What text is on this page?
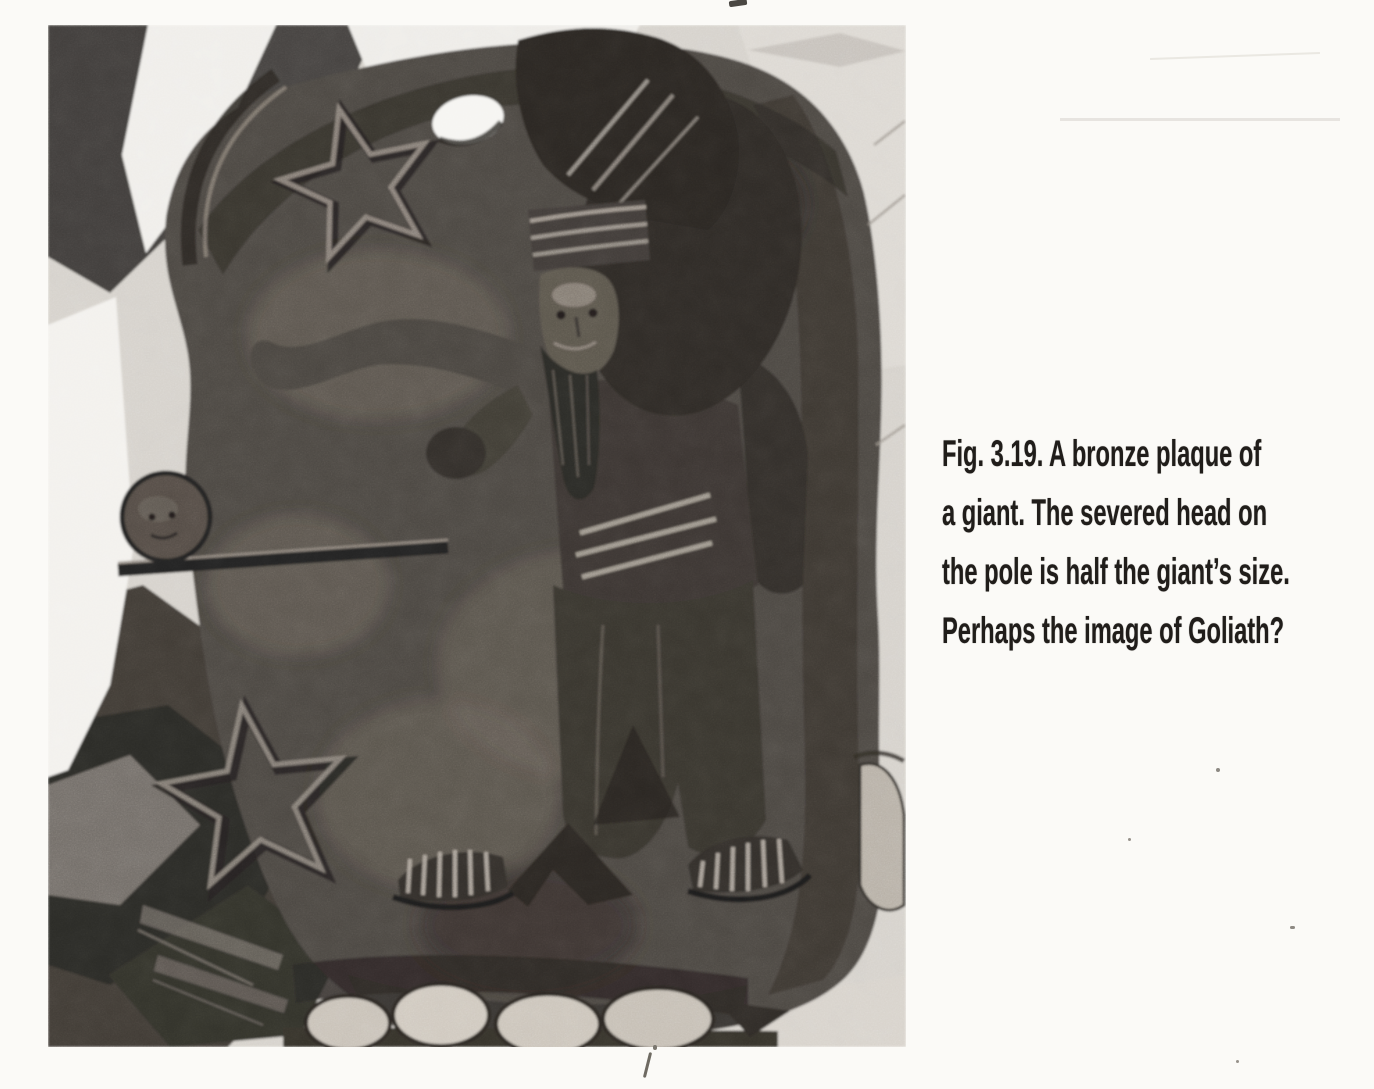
Fig. 3.19. A bronze plaque of
a giant. The severed head on
the pole is half the giant’s size.
Perhaps the image of Goliath?
